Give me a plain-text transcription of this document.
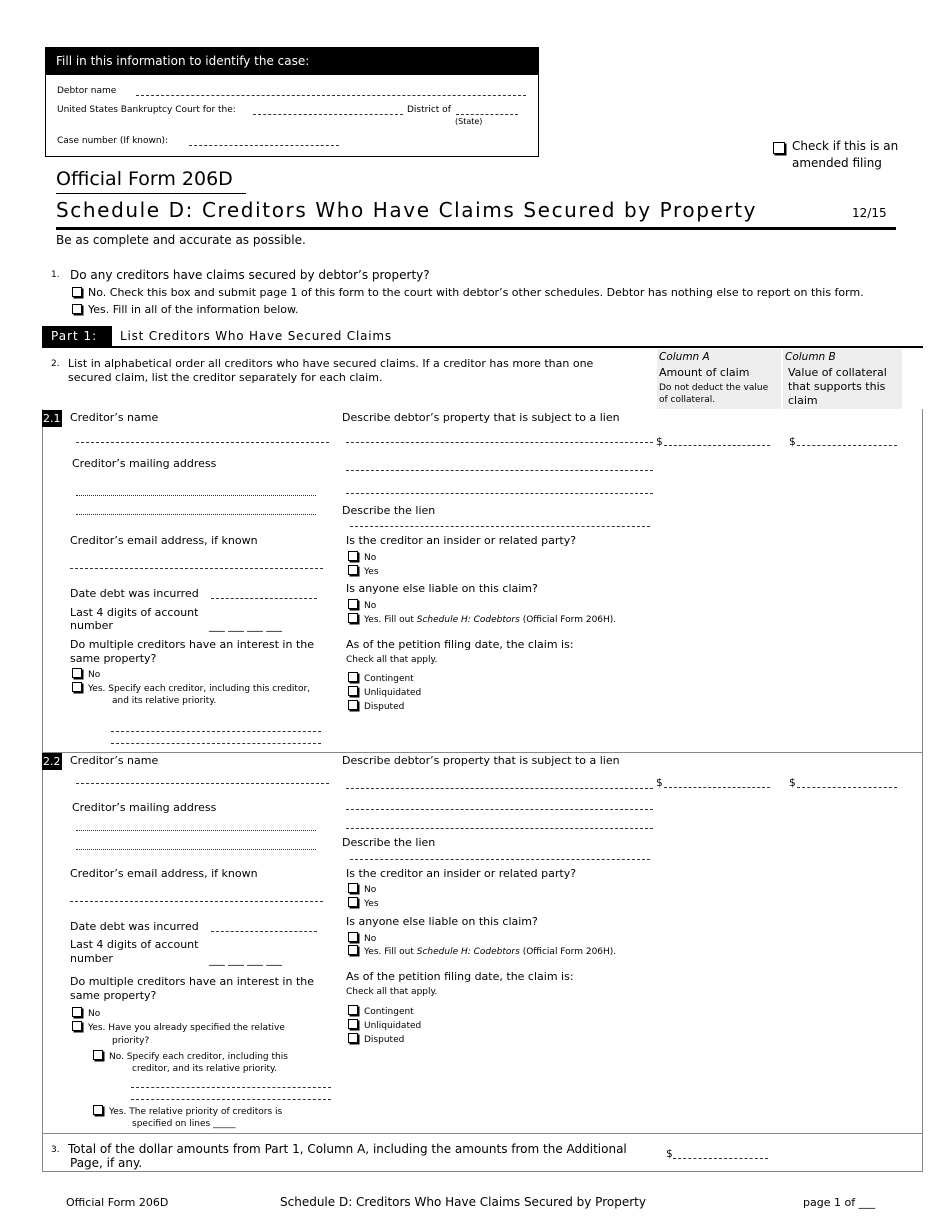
Fill in this information to identify the case:
Debtor name
United States Bankruptcy Court for the:	District of
(State)
Case number (If known):	Check if this is an
amended filing
Official Form 206D
Schedule D: Creditors Who Have Claims Secured by Property	12/15
Be as complete and accurate as possible.
1. Do any creditors have claims secured by debtor’s property?
No. Check this box and submit page 1 of this form to the court with debtor’s other schedules. Debtor has nothing else to report on this form.
Yes. Fill in all of the information below.
Part 1:	List Creditors Who Have Secured Claims
2. List in alphabetical order all creditors who have secured claims. If a creditor has more than one
secured claim, list the creditor separately for each claim.
Column A
Amount of claim
Do not deduct the value
of collateral.
Column B
Value of collateral
that supports this
claim
2.1 Creditor’s name
Creditor’s mailing address
Creditor’s email address, if known
Date debt was incurred
Last 4 digits of account
number	___ ___ ___ ___
Do multiple creditors have an interest in the
same property?
No
Yes. Specify each creditor, including this creditor,
and its relative priority.
Describe debtor’s property that is subject to a lien
Describe the lien
Is the creditor an insider or related party?
No
Yes
Is anyone else liable on this claim?
No
Yes. Fill out Schedule H: Codebtors (Official Form 206H).
As of the petition filing date, the claim is:
Check all that apply.
Contingent
Unliquidated
Disputed
$	$
2.2 Creditor’s name
Creditor’s mailing address
Creditor’s email address, if known
Date debt was incurred
Last 4 digits of account
number	___ ___ ___ ___
Do multiple creditors have an interest in the
same property?
No
Yes. Have you already specified the relative
priority?
No. Specify each creditor, including this
creditor, and its relative priority.
Yes. The relative priority of creditors is
specified on lines _____
Describe debtor’s property that is subject to a lien
Describe the lien
Is the creditor an insider or related party?
No
Yes
Is anyone else liable on this claim?
No
Yes. Fill out Schedule H: Codebtors (Official Form 206H).
As of the petition filing date, the claim is:
Check all that apply.
Contingent
Unliquidated
Disputed
$	$
3. Total of the dollar amounts from Part 1, Column A, including the amounts from the Additional
Page, if any.
$
Official Form 206D	Schedule D: Creditors Who Have Claims Secured by Property	page 1 of ___
